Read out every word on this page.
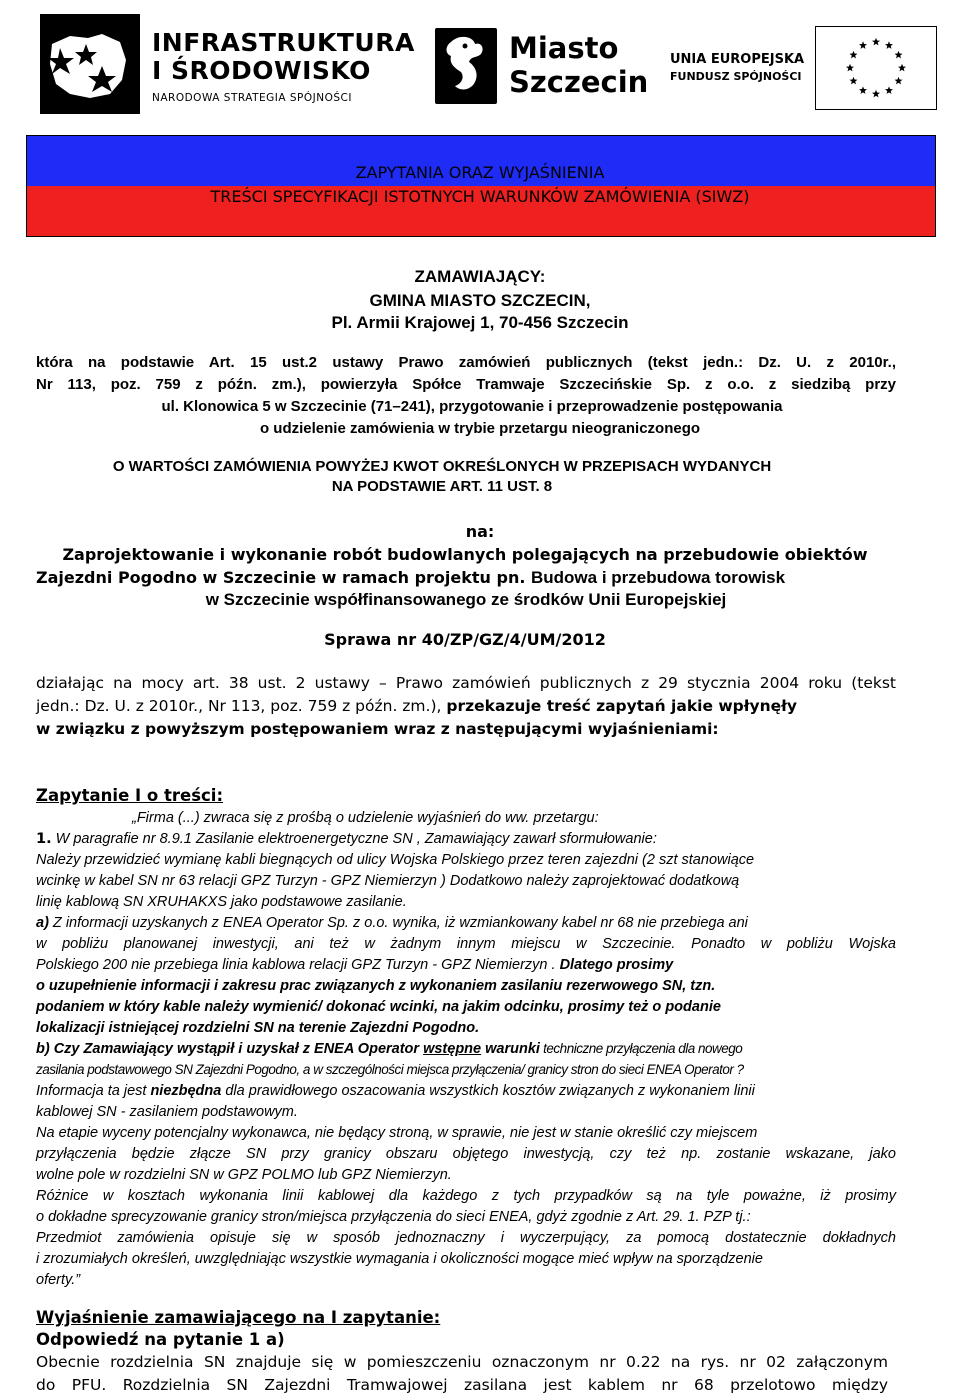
INFRASTRUKTURA
I ŚRODOWISKO
NARODOWA STRATEGIA SPÓJNOŚCI
Miasto
Szczecin
UNIA EUROPEJSKA
FUNDUSZ SPÓJNOŚCI
ZAPYTANIA ORAZ WYJAŚNIENIA
TREŚCI SPECYFIKACJI ISTOTNYCH WARUNKÓW ZAMÓWIENIA (SIWZ)
ZAMAWIAJĄCY:
GMINA MIASTO SZCZECIN,
Pl. Armii Krajowej 1, 70-456 Szczecin
która na podstawie Art. 15 ust.2 ustawy Prawo zamówień publicznych (tekst jedn.: Dz. U. z 2010r.,
Nr 113, poz. 759 z późn. zm.), powierzyła Spółce Tramwaje Szczecińskie Sp. z o.o. z siedzibą przy
ul. Klonowica 5 w Szczecinie (71–241), przygotowanie i przeprowadzenie postępowania
o udzielenie zamówienia w trybie przetargu nieograniczonego
O WARTOŚCI ZAMÓWIENIA POWYŻEJ KWOT OKREŚLONYCH W PRZEPISACH WYDANYCH
NA PODSTAWIE ART. 11 UST. 8
na:
Zaprojektowanie i wykonanie robót budowlanych polegających na przebudowie obiektów
Zajezdni Pogodno w Szczecinie w ramach projektu pn. Budowa i przebudowa torowisk
w Szczecinie współfinansowanego ze środków Unii Europejskiej
Sprawa nr 40/ZP/GZ/4/UM/2012
działając na mocy art. 38 ust. 2 ustawy – Prawo zamówień publicznych z 29 stycznia 2004 roku (tekst
jedn.: Dz. U. z 2010r., Nr 113, poz. 759 z późn. zm.), przekazuje treść zapytań jakie wpłynęły
w związku z powyższym postępowaniem wraz z następującymi wyjaśnieniami:
Zapytanie I o treści:
„Firma (...) zwraca się z prośbą o udzielenie wyjaśnień do ww. przetargu:
1. W paragrafie nr 8.9.1 Zasilanie elektroenergetyczne SN , Zamawiający zawarł sformułowanie:
Należy przewidzieć wymianę kabli biegnących od ulicy Wojska Polskiego przez teren zajezdni (2 szt stanowiące
wcinkę w kabel SN nr 63 relacji GPZ Turzyn - GPZ Niemierzyn ) Dodatkowo należy zaprojektować dodatkową
linię kablową SN XRUHAKXS jako podstawowe zasilanie.
a) Z informacji uzyskanych z ENEA Operator Sp. z o.o. wynika, iż wzmiankowany kabel nr 68 nie przebiega ani
w pobliżu planowanej inwestycji, ani też w żadnym innym miejscu w Szczecinie. Ponadto w pobliżu Wojska
Polskiego 200 nie przebiega linia kablowa relacji GPZ Turzyn - GPZ Niemierzyn . Dlatego prosimy
o uzupełnienie informacji i zakresu prac związanych z wykonaniem zasilaniu rezerwowego SN, tzn.
podaniem w który kable należy wymienić/ dokonać wcinki, na jakim odcinku, prosimy też o podanie
lokalizacji istniejącej rozdzielni SN na terenie Zajezdni Pogodno.
b) Czy Zamawiający wystąpił i uzyskał z ENEA Operator wstępne warunki techniczne przyłączenia dla nowego
zasilania podstawowego SN Zajezdni Pogodno, a w szczególności miejsca przyłączenia/ granicy stron do sieci ENEA Operator ?
Informacja ta jest niezbędna dla prawidłowego oszacowania wszystkich kosztów związanych z wykonaniem linii
kablowej SN - zasilaniem podstawowym.
Na etapie wyceny potencjalny wykonawca, nie będący stroną, w sprawie, nie jest w stanie określić czy miejscem
przyłączenia będzie złącze SN przy granicy obszaru objętego inwestycją, czy też np. zostanie wskazane, jako
wolne pole w rozdzielni SN w GPZ POLMO lub GPZ Niemierzyn.
Różnice w kosztach wykonania linii kablowej dla każdego z tych przypadków są na tyle poważne, iż prosimy
o dokładne sprecyzowanie granicy stron/miejsca przyłączenia do sieci ENEA, gdyż zgodnie z Art. 29. 1. PZP tj.:
Przedmiot zamówienia opisuje się w sposób jednoznaczny i wyczerpujący, za pomocą dostatecznie dokładnych
i zrozumiałych określeń, uwzględniając wszystkie wymagania i okoliczności mogące mieć wpływ na sporządzenie
oferty.”
Wyjaśnienie zamawiającego na I zapytanie:
Odpowiedź na pytanie 1 a)
Obecnie rozdzielnia SN znajduje się w pomieszczeniu oznaczonym nr 0.22 na rys. nr 02 załączonym
do PFU. Rozdzielnia SN Zajezdni Tramwajowej zasilana jest kablem nr 68 przelotowo między
